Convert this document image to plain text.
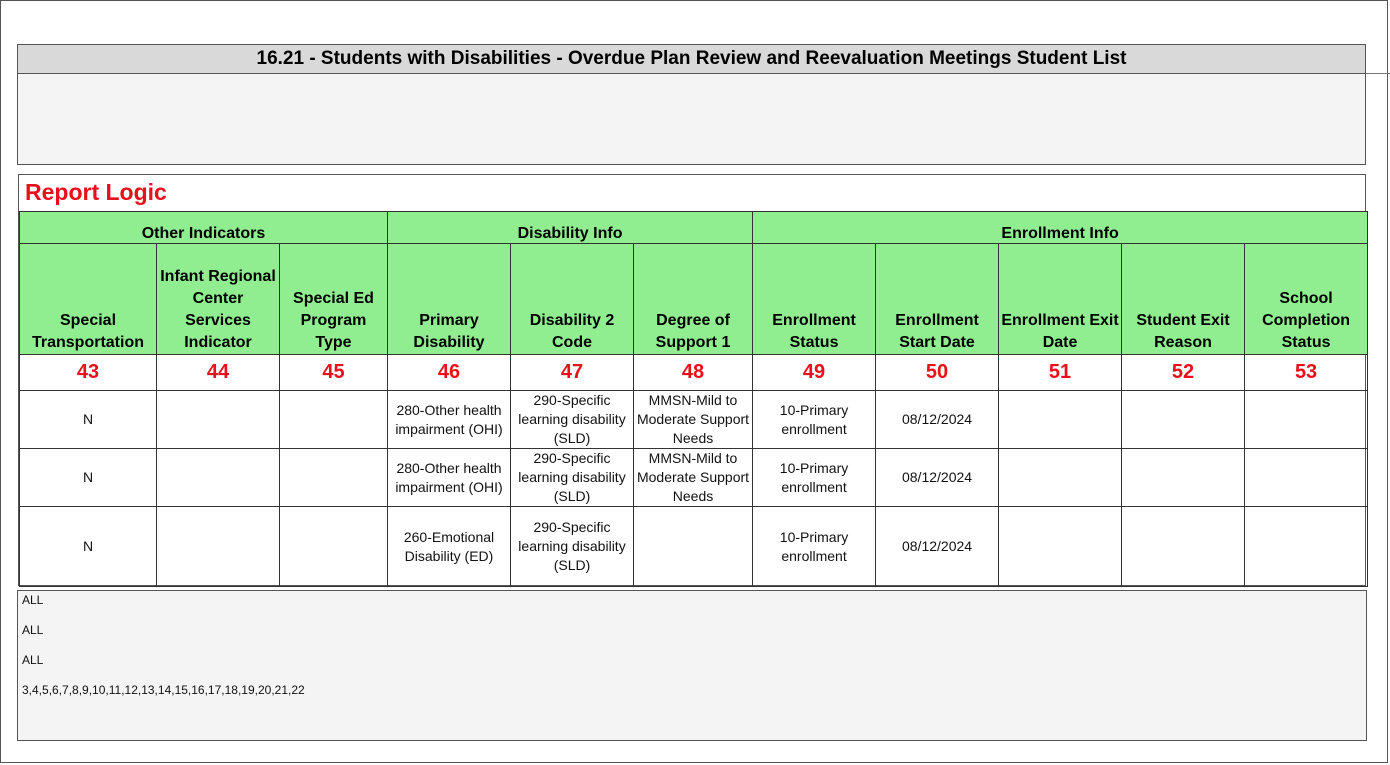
16.21 - Students with Disabilities - Overdue Plan Review and Reevaluation Meetings Student List
Report Logic
Other Indicators			Disability Info			Enrollment Info				
Special Transportation	Infant Regional Center Services Indicator	Special Ed Program Type	Primary Disability	Disability 2 Code	Degree of Support 1	Enrollment Status	Enrollment Start Date	Enrollment Exit Date	Student Exit Reason	School Completion Status
43	44	45	46	47	48	49	50	51	52	53
N			280-Other health impairment (OHI)	290-Specific learning disability (SLD)	MMSN-Mild to Moderate Support Needs	10-Primary enrollment	08/12/2024			
N			280-Other health impairment (OHI)	290-Specific learning disability (SLD)	MMSN-Mild to Moderate Support Needs	10-Primary enrollment	08/12/2024			
N			260-Emotional Disability (ED)	290-Specific learning disability (SLD)		10-Primary enrollment	08/12/2024			
ALL
ALL
ALL
3,4,5,6,7,8,9,10,11,12,13,14,15,16,17,18,19,20,21,22
